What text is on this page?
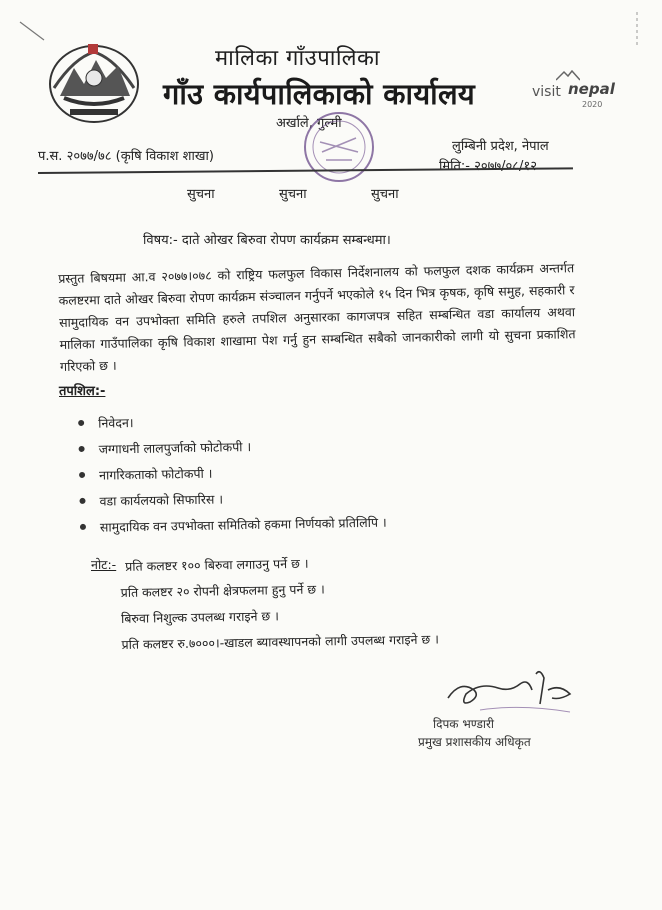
मालिका गाँउपालिका
गाँउ कार्यपालिकाको कार्यालय
अर्खाले, गुल्मी
visit nepal
2020
प.स. २०७७/७८ (कृषि विकाश शाखा)
लुम्बिनी प्रदेश, नेपाल
मिति:- २०७७/०८/१२
सुचना	सुचना	सुचना
विषय:- दाते ओखर बिरुवा रोपण कार्यक्रम सम्बन्धमा।
प्रस्तुत बिषयमा आ.व २०७७।०७८ को राष्ट्रिय फलफुल विकास निर्देशनालय को फलफुल दशक कार्यक्रम अन्तर्गत कलष्टरमा दाते ओखर बिरुवा रोपण कार्यक्रम संञ्चालन गर्नुपर्ने भएकोले १५ दिन भित्र कृषक, कृषि समुह, सहकारी र सामुदायिक वन उपभोक्ता समिति हरुले तपशिल अनुसारका कागजपत्र सहित सम्बन्धित वडा कार्यालय अथवा मालिका गाउँपालिका कृषि विकाश शाखामा पेश गर्नु हुन सम्बन्धित सबैको जानकारीको लागी यो सुचना प्रकाशित गरिएको छ ।
तपशिल:-
निवेदन।
जग्गाधनी लालपुर्जाको फोटोकपी ।
नागरिकताको फोटोकपी ।
वडा कार्यलयको सिफारिस ।
सामुदायिक वन उपभोक्ता समितिको हकमा निर्णयको प्रतिलिपि ।
नोट:- प्रति कलष्टर १०० बिरुवा लगाउनु पर्ने छ ।
प्रति कलष्टर २० रोपनी क्षेत्रफलमा हुनु पर्ने छ ।
बिरुवा निशुल्क उपलब्ध गराइने छ ।
प्रति कलष्टर रु.७०००।-खाडल ब्यावस्थापनको लागी उपलब्ध गराइने छ ।
दिपक भण्डारी
प्रमुख प्रशासकीय अधिकृत
